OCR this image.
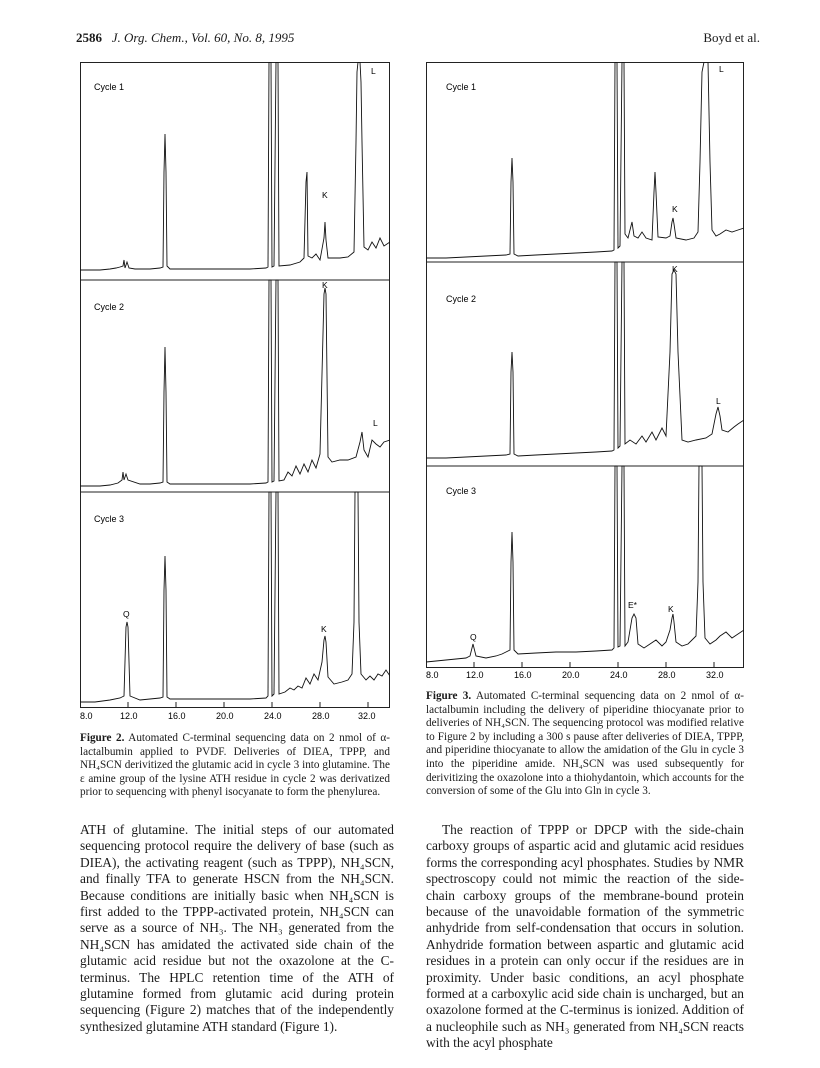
2586 J. Org. Chem., Vol. 60, No. 8, 1995	Boyd et al.
Cycle 1
K
L
Cycle 2
K
L
Cycle 3
Q
K
8.0	12.0	16.0	20.0	24.0	28.0	32.0
Figure 2. Automated C-terminal sequencing data on 2 nmol of α-lactalbumin applied to PVDF. Deliveries of DIEA, TPPP, and NH₄SCN derivitized the glutamic acid in cycle 3 into glutamine. The ε amine group of the lysine ATH residue in cycle 2 was derivatized prior to sequencing with phenyl isocyanate to form the phenylurea.
Cycle 1
K
L
Cycle 2
K
L
Cycle 3
Q
E*	K
8.0	12.0	16.0	20.0	24.0	28.0	32.0
Figure 3. Automated C-terminal sequencing data on 2 nmol of α-lactalbumin including the delivery of piperidine thiocyanate prior to deliveries of NH₄SCN. The sequencing protocol was modified relative to Figure 2 by including a 300 s pause after deliveries of DIEA, TPPP, and piperidine thiocyanate to allow the amidation of the Glu in cycle 3 into the piperidine amide. NH₄SCN was used subsequently for derivitizing the oxazolone into a thiohydantoin, which accounts for the conversion of some of the Glu into Gln in cycle 3.

ATH of glutamine. The initial steps of our automated sequencing protocol require the delivery of base (such as DIEA), the activating reagent (such as TPPP), NH₄SCN, and finally TFA to generate HSCN from the NH₄SCN. Because conditions are initially basic when NH₄SCN is first added to the TPPP-activated protein, NH₄SCN can serve as a source of NH₃. The NH₃ generated from the NH₄SCN has amidated the activated side chain of the glutamic acid residue but not the oxazolone at the C-terminus. The HPLC retention time of the ATH of glutamine formed from glutamic acid during protein sequencing (Figure 2) matches that of the independently synthesized glutamine ATH standard (Figure 1).

The reaction of TPPP or DPCP with the side-chain carboxy groups of aspartic acid and glutamic acid residues forms the corresponding acyl phosphates. Studies by NMR spectroscopy could not mimic the reaction of the side-chain carboxy groups of the membrane-bound protein because of the unavoidable formation of the symmetric anhydride from self-condensation that occurs in solution. Anhydride formation between aspartic and glutamic acid residues in a protein can only occur if the residues are in proximity. Under basic conditions, an acyl phosphate formed at a carboxylic acid side chain is uncharged, but an oxazolone formed at the C-terminus is ionized. Addition of a nucleophile such as NH₃ generated from NH₄SCN reacts with the acyl phosphate
